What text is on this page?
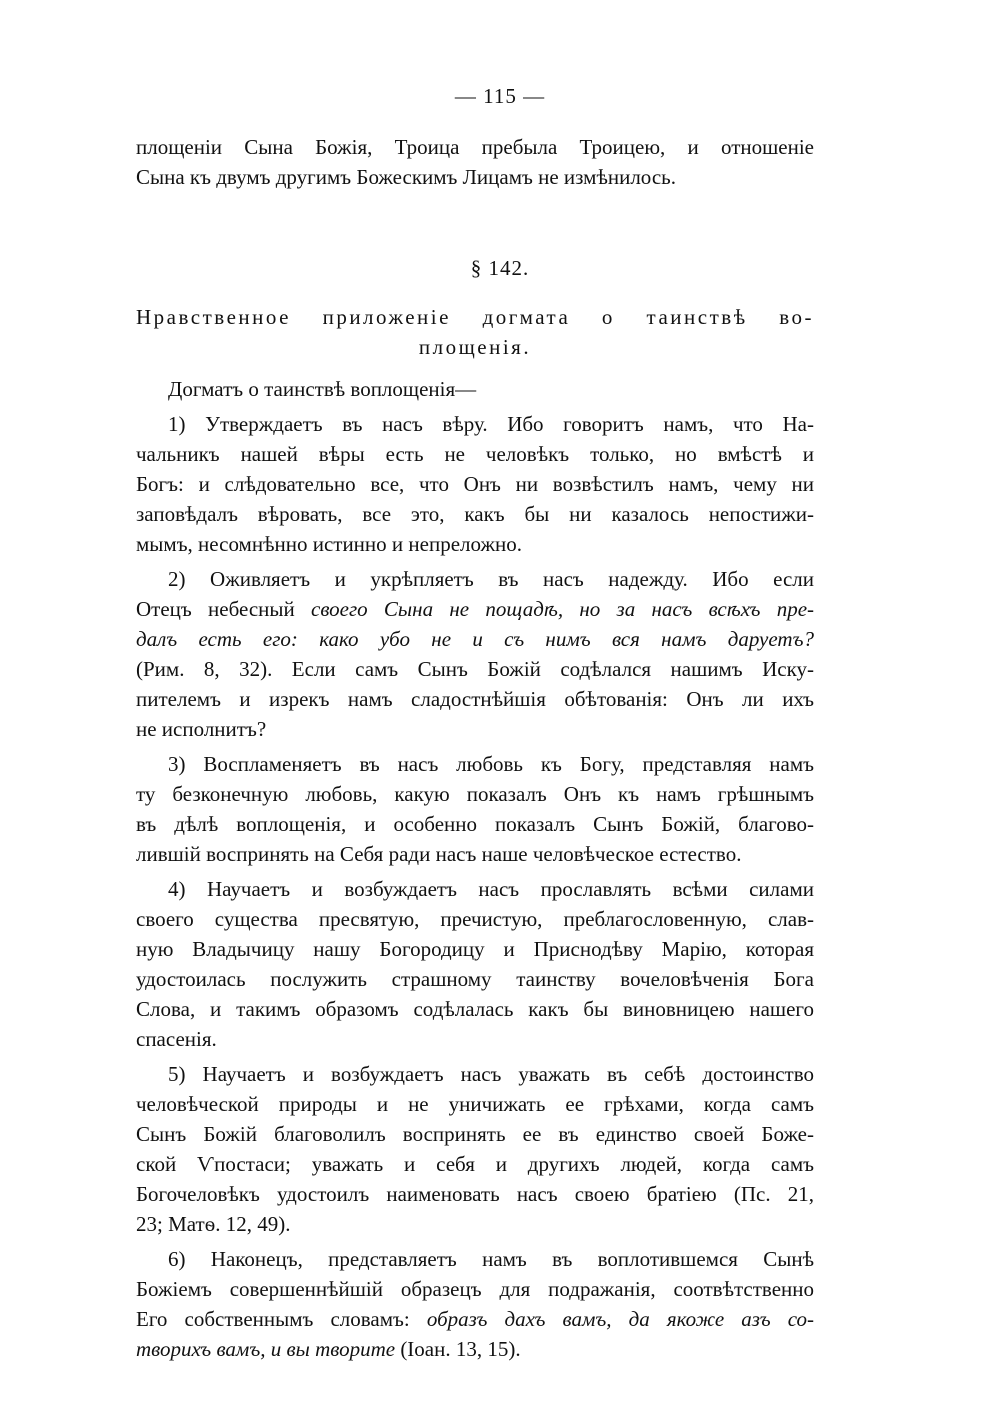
— 115 —
площеніи Сына Божія, Троица пребыла Троицею, и отношеніе
Сына къ двумъ другимъ Божескимъ Лицамъ не измѣнилось.
§ 142.
Нравственное приложеніе догмата о таинствѣ во-
площенія.
Догматъ о таинствѣ воплощенія—
1) Утверждаетъ въ насъ вѣру. Ибо говоритъ намъ, что На-
чальникъ нашей вѣры есть не человѣкъ только, но вмѣстѣ и
Богъ: и слѣдовательно все, что Онъ ни возвѣстилъ намъ, чему ни
заповѣдалъ вѣровать, все это, какъ бы ни казалось непостижи-
мымъ, несомнѣнно истинно и непреложно.
2) Оживляетъ и укрѣпляетъ въ насъ надежду. Ибо если
Отецъ небесный своего Сына не пощадѣ, но за насъ всѣхъ пре-
далъ есть его: како убо не и съ нимъ вся намъ даруетъ?
(Рим. 8, 32). Если самъ Сынъ Божій содѣлался нашимъ Иску-
пителемъ и изрекъ намъ сладостнѣйшія обѣтованія: Онъ ли ихъ
не исполнитъ?
3) Воспламеняетъ въ насъ любовь къ Богу, представляя намъ
ту безконечную любовь, какую показалъ Онъ къ намъ грѣшнымъ
въ дѣлѣ воплощенія, и особенно показалъ Сынъ Божій, благово-
лившій воспринять на Себя ради насъ наше человѣческое естество.
4) Научаетъ и возбуждаетъ насъ прославлять всѣми силами
своего существа пресвятую, пречистую, преблагословенную, слав-
ную Владычицу нашу Богородицу и Приснодѣву Марію, которая
удостоилась послужить страшному таинству вочеловѣченія Бога
Слова, и такимъ образомъ содѣлалась какъ бы виновницею нашего
спасенія.
5) Научаетъ и возбуждаетъ насъ уважать въ себѣ достоинство
человѣческой природы и не уничижать ее грѣхами, когда самъ
Сынъ Божій благоволилъ воспринять ее въ единство своей Боже-
ской Ѵпостаси; уважать и себя и другихъ людей, когда самъ
Богочеловѣкъ удостоилъ наименовать насъ своею братіею (Пс. 21,
23; Матѳ. 12, 49).
6) Наконецъ, представляетъ намъ въ воплотившемся Сынѣ
Божіемъ совершеннѣйшій образецъ для подражанія, соотвѣтственно
Его собственнымъ словамъ: образъ дахъ вамъ, да якоже азъ со-
творихъ вамъ, и вы творите (Іоан. 13, 15).
